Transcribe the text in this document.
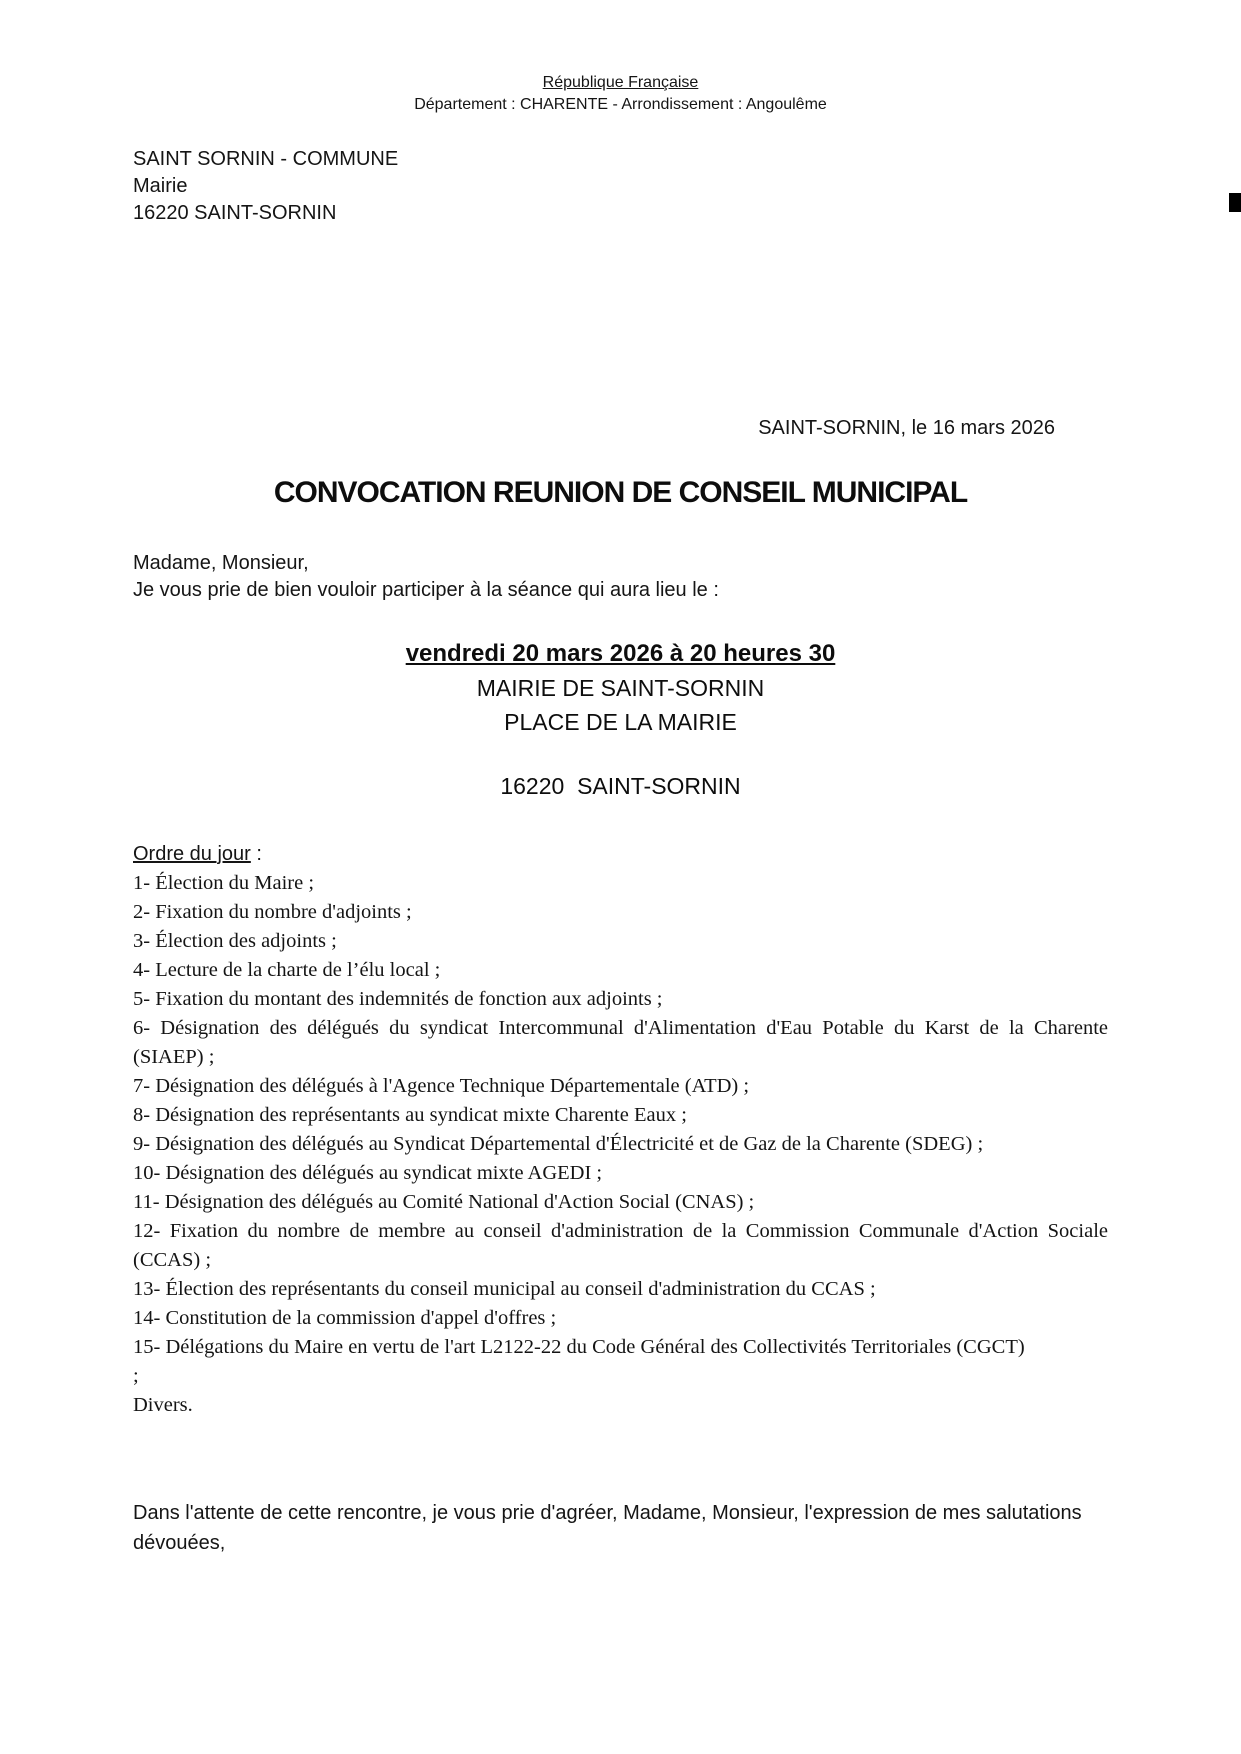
République Française
Département : CHARENTE - Arrondissement : Angoulême
SAINT SORNIN - COMMUNE
Mairie
16220 SAINT-SORNIN
SAINT-SORNIN, le 16 mars 2026
CONVOCATION REUNION DE CONSEIL MUNICIPAL
Madame, Monsieur,
Je vous prie de bien vouloir participer à la séance qui aura lieu le :
vendredi 20 mars 2026 à 20 heures 30
MAIRIE DE SAINT-SORNIN
PLACE DE LA MAIRIE
16220  SAINT-SORNIN
Ordre du jour :
1- Élection du Maire ;
2- Fixation du nombre d'adjoints ;
3- Élection des adjoints ;
4- Lecture de la charte de l’élu local ;
5- Fixation du montant des indemnités de fonction aux adjoints ;
6- Désignation des délégués du syndicat Intercommunal d'Alimentation d'Eau Potable du Karst de la Charente (SIAEP) ;
7- Désignation des délégués à l'Agence Technique Départementale (ATD) ;
8- Désignation des représentants au syndicat mixte Charente Eaux ;
9- Désignation des délégués au Syndicat Départemental d'Électricité et de Gaz de la Charente (SDEG) ;
10- Désignation des délégués au syndicat mixte AGEDI ;
11- Désignation des délégués au Comité National d'Action Social (CNAS) ;
12- Fixation du nombre de membre au conseil d'administration de la Commission Communale d'Action Sociale (CCAS) ;
13- Élection des représentants du conseil municipal au conseil d'administration du CCAS ;
14- Constitution de la commission d'appel d'offres ;
15- Délégations du Maire en vertu de l'art L2122-22 du Code Général des Collectivités Territoriales (CGCT)
;
Divers.
Dans l'attente de cette rencontre, je vous prie d'agréer, Madame, Monsieur, l'expression de mes salutations dévouées,
